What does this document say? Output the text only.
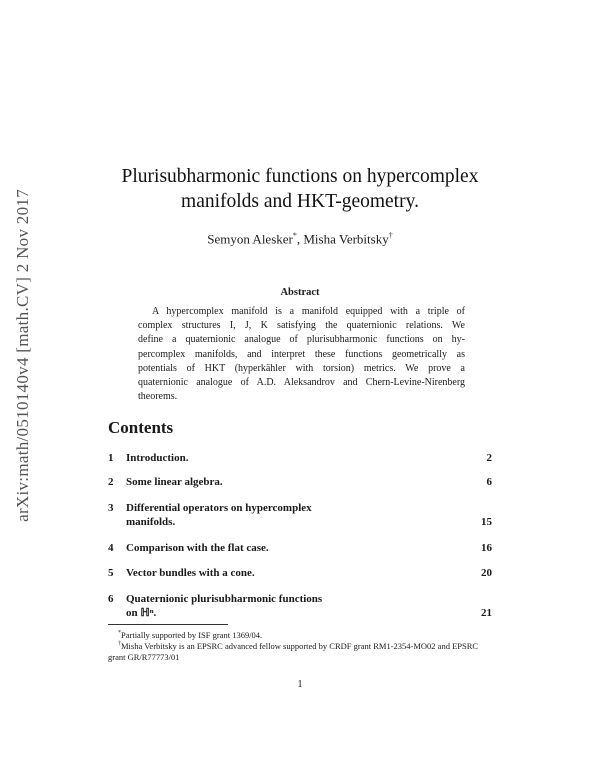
arXiv:math/0510140v4 [math.CV] 2 Nov 2017
Plurisubharmonic functions on hypercomplex
manifolds and HKT-geometry.
Semyon Alesker*, Misha Verbitsky†
Abstract
A hypercomplex manifold is a manifold equipped with a triple of
complex structures I, J, K satisfying the quaternionic relations. We
define a quaternionic analogue of plurisubharmonic functions on hy-
percomplex manifolds, and interpret these functions geometrically as
potentials of HKT (hyperkähler with torsion) metrics. We prove a
quaternionic analogue of A.D. Aleksandrov and Chern-Levine-Nirenberg
theorems.
Contents
1 Introduction.	2
2 Some linear algebra.	6
3 Differential operators on hypercomplex
manifolds.	15
4 Comparison with the flat case.	16
5 Vector bundles with a cone.	20
6 Quaternionic plurisubharmonic functions
on ℍⁿ.	21
*Partially supported by ISF grant 1369/04.
†Misha Verbitsky is an EPSRC advanced fellow supported by CRDF grant RM1-2354-MO02 and EPSRC grant GR/R77773/01
1
